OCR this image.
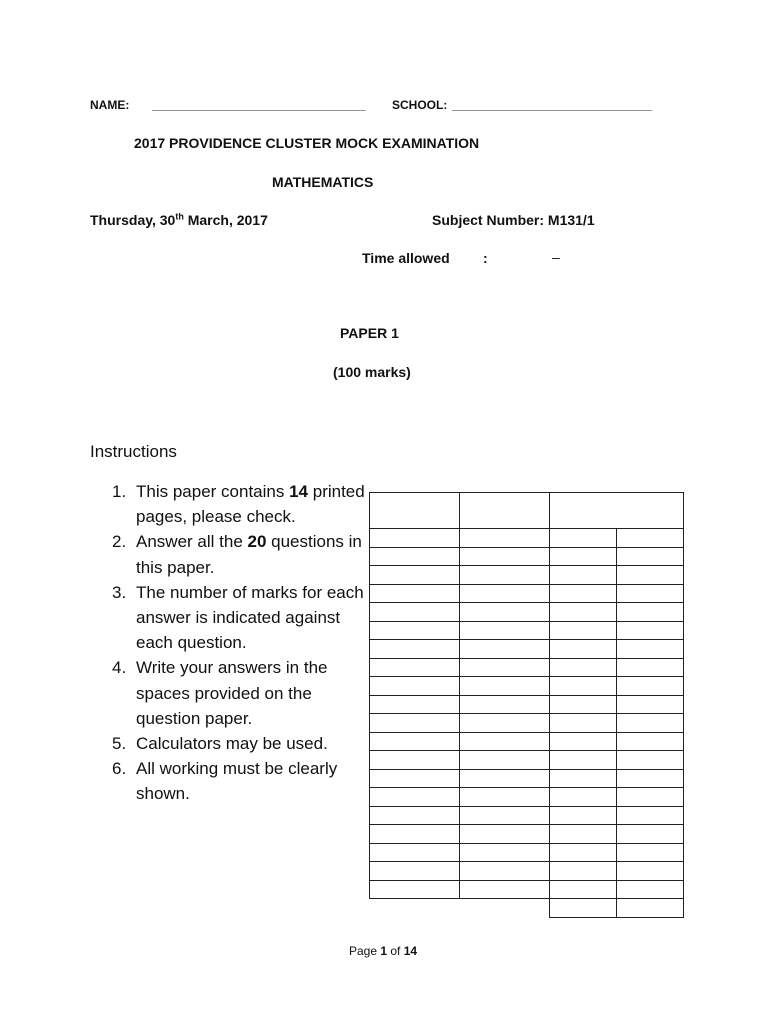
NAME: ________________________________	SCHOOL: ______________________________
2017 PROVIDENCE CLUSTER MOCK EXAMINATION
MATHEMATICS
Thursday, 30th March, 2017	Subject Number: M131/1
Time allowed :	–
PAPER 1
(100 marks)
Instructions
1. This paper contains 14 printed pages, please check.
2. Answer all the 20 questions in this paper.
3. The number of marks for each answer is indicated against each question.
4. Write your answers in the spaces provided on the question paper.
5. Calculators may be used.
6. All working must be clearly shown.

Page 1 of 14
